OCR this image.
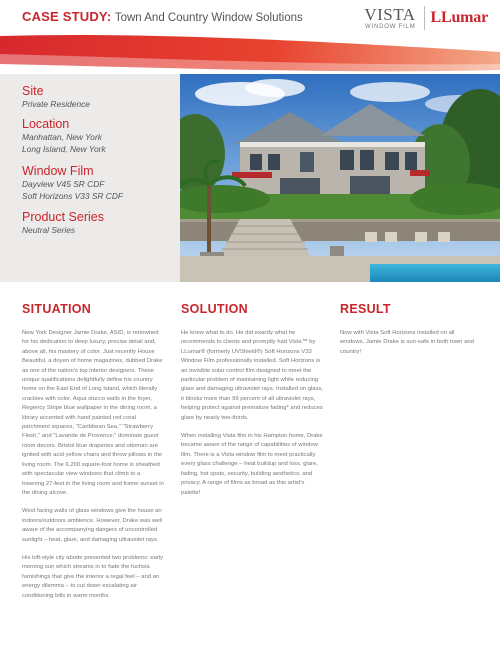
CASE STUDY: Town And Country Window Solutions	VISTA
WINDOW FILM
LLumar
Site
Private Residence
Location
Manhattan, New York
Long Island, New York
Window Film
Dayview V45 SR CDF
Soft Horizons V33 SR CDF
Product Series
Neutral Series
SITUATION

New York Designer Jamie Drake, ASID, is renowned for his dedication to deep luxury, precise detail and, above all, his mastery of color. Just recently House Beautiful, a doyen of home magazines, dubbed Drake as one of the nation's top interior designers. These unique qualifications delightfully define his country home on the East End of Long Island, which literally crackles with color. Aqua stucco walls in the foyer, Regency Stripe blue wallpaper in the dining room, a library accented with hand painted red coral parchment squares, "Caribbean Sea," "Strawberry Flesh," and "Lavande de Provence," dominate guest room decors. Bristol blue draperies and ottoman are ignited with acid yellow chairs and throw pillows in the living room. The 6,200 square-foot home is sheathed with spectacular view windows that climb to a towering 27-feet in the living room and frame sunset in the dining alcove.

West facing walls of glass windows give the house an indoors/outdoors ambience. However, Drake was well aware of the accompanying dangers of uncontrolled sunlight – heat, glare, and damaging ultraviolet rays.

His loft-style city abode presented two problems: early morning sun which streams in to fade the fuchsia furnishings that give the interior a regal feel – and an energy dilemma – to cut down escalating air conditioning bills in warm months.

SOLUTION

He knew what to do. He did exactly what he recommends to clients and promptly had Vista™ by LLumar® (formerly UVShield®) Soft Horizons V33 Window Film professionally installed. Soft Horizons is an invisible solar control film designed to meet the particular problem of maintaining light while reducing glare and damaging ultraviolet rays. Installed on glass, it blocks more than 99 percent of all ultraviolet rays, helping protect against premature fading* and reduces glare by nearly two-thirds.

When installing Vista film in his Hampton home, Drake became aware of the range of capabilities of window film. There is a Vista window film to meet practically every glass challenge – heat buildup and loss, glare, fading, hot spots, security, building aesthetics, and privacy. A range of films as broad as this artist's palette!

RESULT

Now with Vista Soft Horizons installed on all windows, Jamie Drake is sun-safe in both town and country!
